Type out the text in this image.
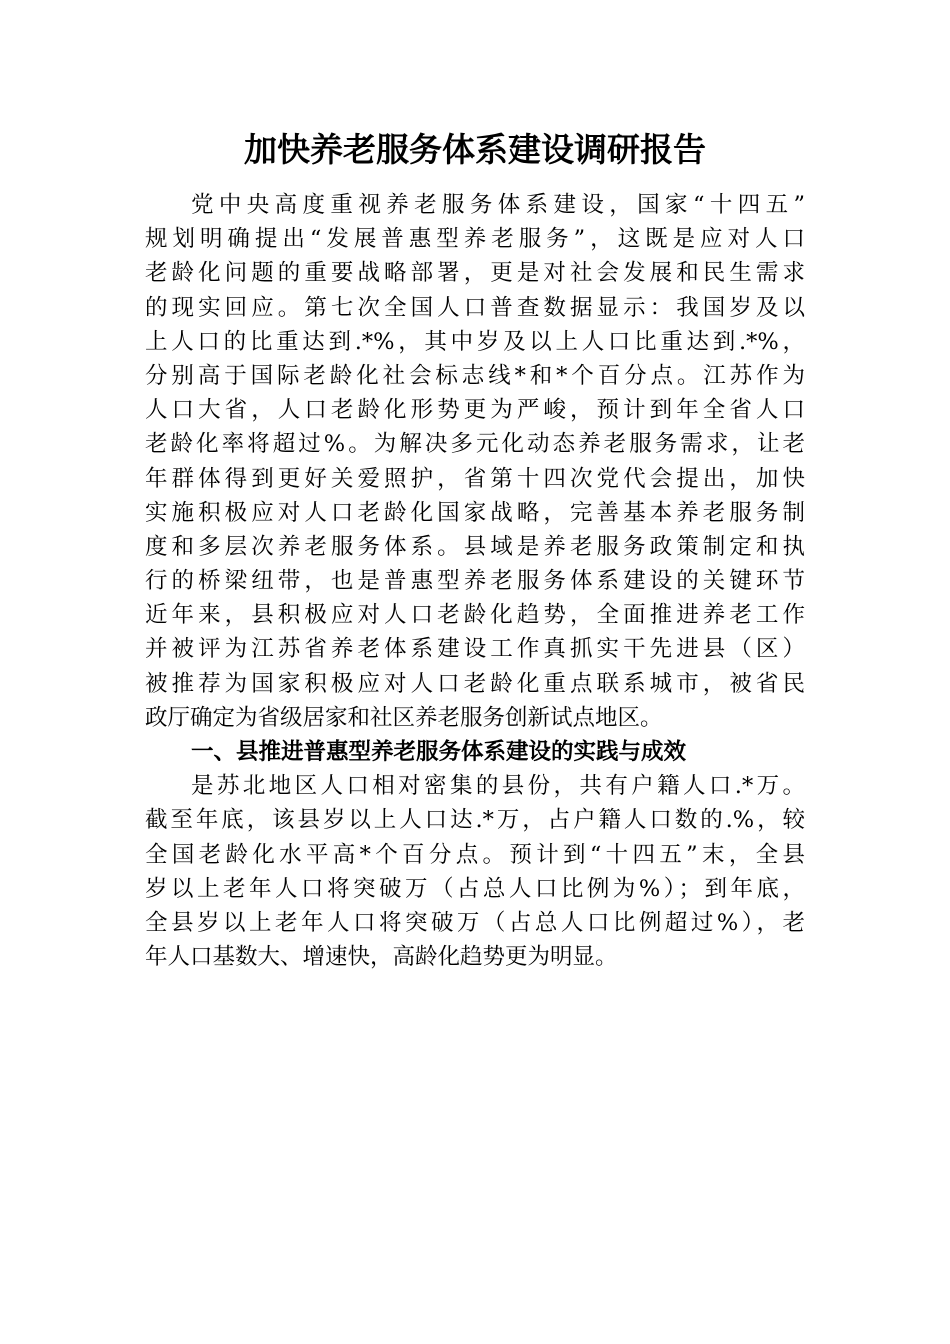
加快养老服务体系建设调研报告
党中央高度重视养老服务体系建设，国家“十四五”
规划明确提出“发展普惠型养老服务”，这既是应对人口
老龄化问题的重要战略部署，更是对社会发展和民生需求
的现实回应。第七次全国人口普查数据显示：我国岁及以
上人口的比重达到.*%，其中岁及以上人口比重达到.*%，
分别高于国际老龄化社会标志线*和*个百分点。江苏作为
人口大省，人口老龄化形势更为严峻，预计到年全省人口
老龄化率将超过%。为解决多元化动态养老服务需求，让老
年群体得到更好关爱照护，省第十四次党代会提出，加快
实施积极应对人口老龄化国家战略，完善基本养老服务制
度和多层次养老服务体系。县域是养老服务政策制定和执
行的桥梁纽带，也是普惠型养老服务体系建设的关键环节
近年来，县积极应对人口老龄化趋势，全面推进养老工作
并被评为江苏省养老体系建设工作真抓实干先进县（区）
被推荐为国家积极应对人口老龄化重点联系城市，被省民
政厅确定为省级居家和社区养老服务创新试点地区。
一、县推进普惠型养老服务体系建设的实践与成效
是苏北地区人口相对密集的县份，共有户籍人口.*万。
截至年底，该县岁以上人口达.*万，占户籍人口数的.%，较
全国老龄化水平高*个百分点。预计到“十四五”末，全县
岁以上老年人口将突破万（占总人口比例为%）；到年底，
全县岁以上老年人口将突破万（占总人口比例超过%），老
年人口基数大、增速快，高龄化趋势更为明显。
